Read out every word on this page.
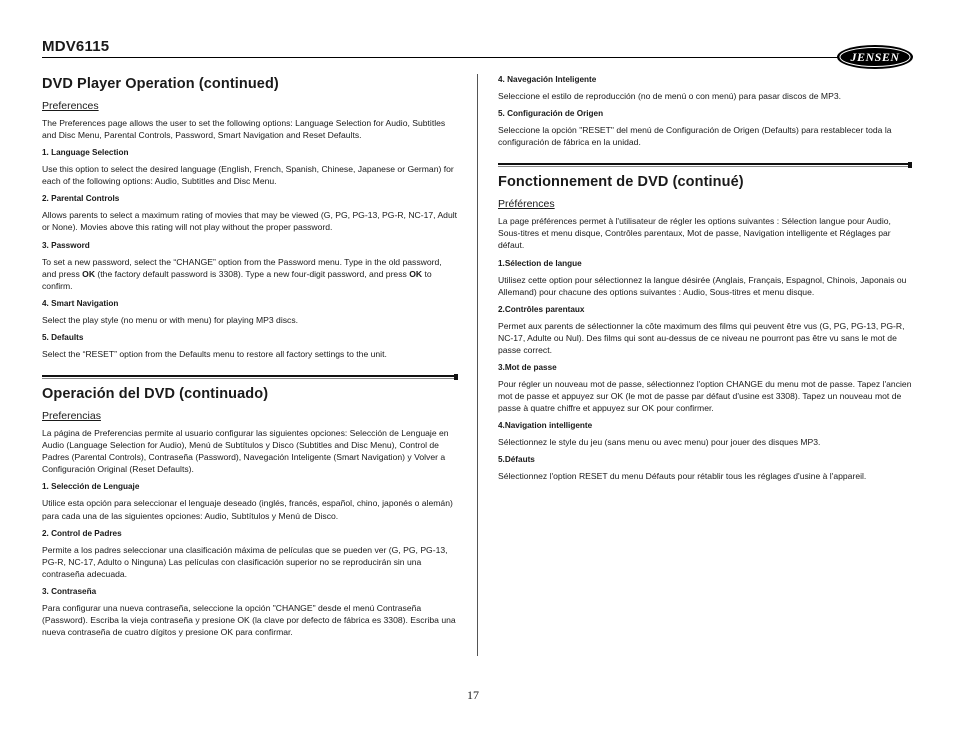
MDV6115
JENSEN
DVD Player Operation (continued)
Preferences
The Preferences page allows the user to set the following options: Language Selection for Audio, Subtitles and Disc Menu, Parental Controls, Password, Smart Navigation and Reset Defaults.
1. Language Selection
Use this option to select the desired language (English, French, Spanish, Chinese, Japanese or German) for each of the following options: Audio, Subtitles and Disc Menu.
2. Parental Controls
Allows parents to select a maximum rating of movies that may be viewed (G, PG, PG-13, PG-R, NC-17, Adult or None). Movies above this rating will not play without the proper password.
3. Password
To set a new password, select the “CHANGE” option from the Password menu. Type in the old password, and press OK (the factory default password is 3308). Type a new four-digit password, and press OK to confirm.
4. Smart Navigation
Select the play style (no menu or with menu) for playing MP3 discs.
5. Defaults
Select the “RESET” option from the Defaults menu to restore all factory settings to the unit.
Operación del DVD (continuado)
Preferencias
La página de Preferencias permite al usuario configurar las siguientes opciones: Selección de Lenguaje en Audio (Language Selection for Audio), Menú de Subtítulos y Disco (Subtitles and Disc Menu), Control de Padres (Parental Controls), Contraseña (Password), Navegación Inteligente (Smart Navigation) y Volver a Configuración Original (Reset Defaults).
1. Selección de Lenguaje
Utilice esta opción para seleccionar el lenguaje deseado (inglés, francés, español, chino, japonés o alemán) para cada una de las siguientes opciones: Audio, Subtítulos y Menú de Disco.
2. Control de Padres
Permite a los padres seleccionar una clasificación máxima de películas que se pueden ver (G, PG, PG-13, PG-R, NC-17, Adulto o Ninguna) Las películas con clasificación superior no se reproducirán sin una contraseña adecuada.
3. Contraseña
Para configurar una nueva contraseña, seleccione la opción "CHANGE" desde el menú Contraseña (Password). Escriba la vieja contraseña y presione OK (la clave por defecto de fábrica es 3308). Escriba una nueva contraseña de cuatro dígitos y presione OK para confirmar.
4. Navegación Inteligente
Seleccione el estilo de reproducción (no de menú o con menú) para pasar discos de MP3.
5. Configuración de Origen
Seleccione la opción "RESET" del menú de Configuración de Origen (Defaults) para restablecer toda la configuración de fábrica en la unidad.
Fonctionnement de DVD (continué)
Préférences
La page préférences permet à l'utilisateur de régler les options suivantes : Sélection langue pour Audio, Sous-titres et menu disque, Contrôles parentaux, Mot de passe, Navigation intelligente et Réglages par défaut.
1.Sélection de langue
Utilisez cette option pour sélectionnez la langue désirée (Anglais, Français, Espagnol, Chinois, Japonais ou Allemand) pour chacune des options suivantes : Audio, Sous-titres et menu disque.
2.Contrôles parentaux
Permet aux parents de sélectionner la côte maximum des films qui peuvent être vus (G, PG, PG-13, PG-R, NC-17, Adulte ou Nul). Des films qui sont au-dessus de ce niveau ne pourront pas être vu sans le mot de passe correct.
3.Mot de passe
Pour régler un nouveau mot de passe, sélectionnez l'option CHANGE du menu mot de passe. Tapez l'ancien mot de passe et appuyez sur OK (le mot de passe par défaut d'usine est 3308). Tapez un nouveau mot de passe à quatre chiffre et appuyez sur OK pour confirmer.
4.Navigation intelligente
Sélectionnez le style du jeu (sans menu ou avec menu) pour jouer des disques MP3.
5.Défauts
Sélectionnez l'option RESET du menu Défauts pour rétablir tous les réglages d'usine à l'appareil.
17
